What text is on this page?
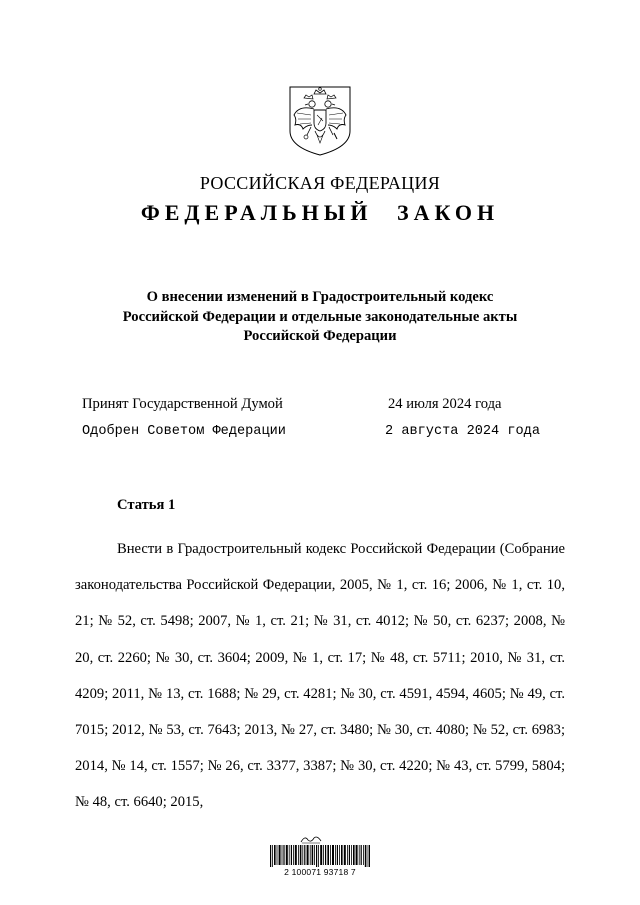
РОССИЙСКАЯ ФЕДЕРАЦИЯ
ФЕДЕРАЛЬНЫЙ ЗАКОН
О внесении изменений в Градостроительный кодекс
Российской Федерации и отдельные законодательные акты
Российской Федерации
Принят Государственной Думой	24 июля 2024 года
Одобрен Советом Федерации	2 августа 2024 года
Статья 1
Внести в Градостроительный кодекс Российской Федерации (Собрание законодательства Российской Федерации, 2005, № 1, ст. 16; 2006, № 1, ст. 10, 21; № 52, ст. 5498; 2007, № 1, ст. 21; № 31, ст. 4012; № 50, ст. 6237; 2008, № 20, ст. 2260; № 30, ст. 3604; 2009, № 1, ст. 17; № 48, ст. 5711; 2010, № 31, ст. 4209; 2011, № 13, ст. 1688; № 29, ст. 4281; № 30, ст. 4591, 4594, 4605; № 49, ст. 7015; 2012, № 53, ст. 7643; 2013, № 27, ст. 3480; № 30, ст. 4080; № 52, ст. 6983; 2014, № 14, ст. 1557; № 26, ст. 3377, 3387; № 30, ст. 4220; № 43, ст. 5799, 5804; № 48, ст. 6640; 2015,
2 100071 93718 7
